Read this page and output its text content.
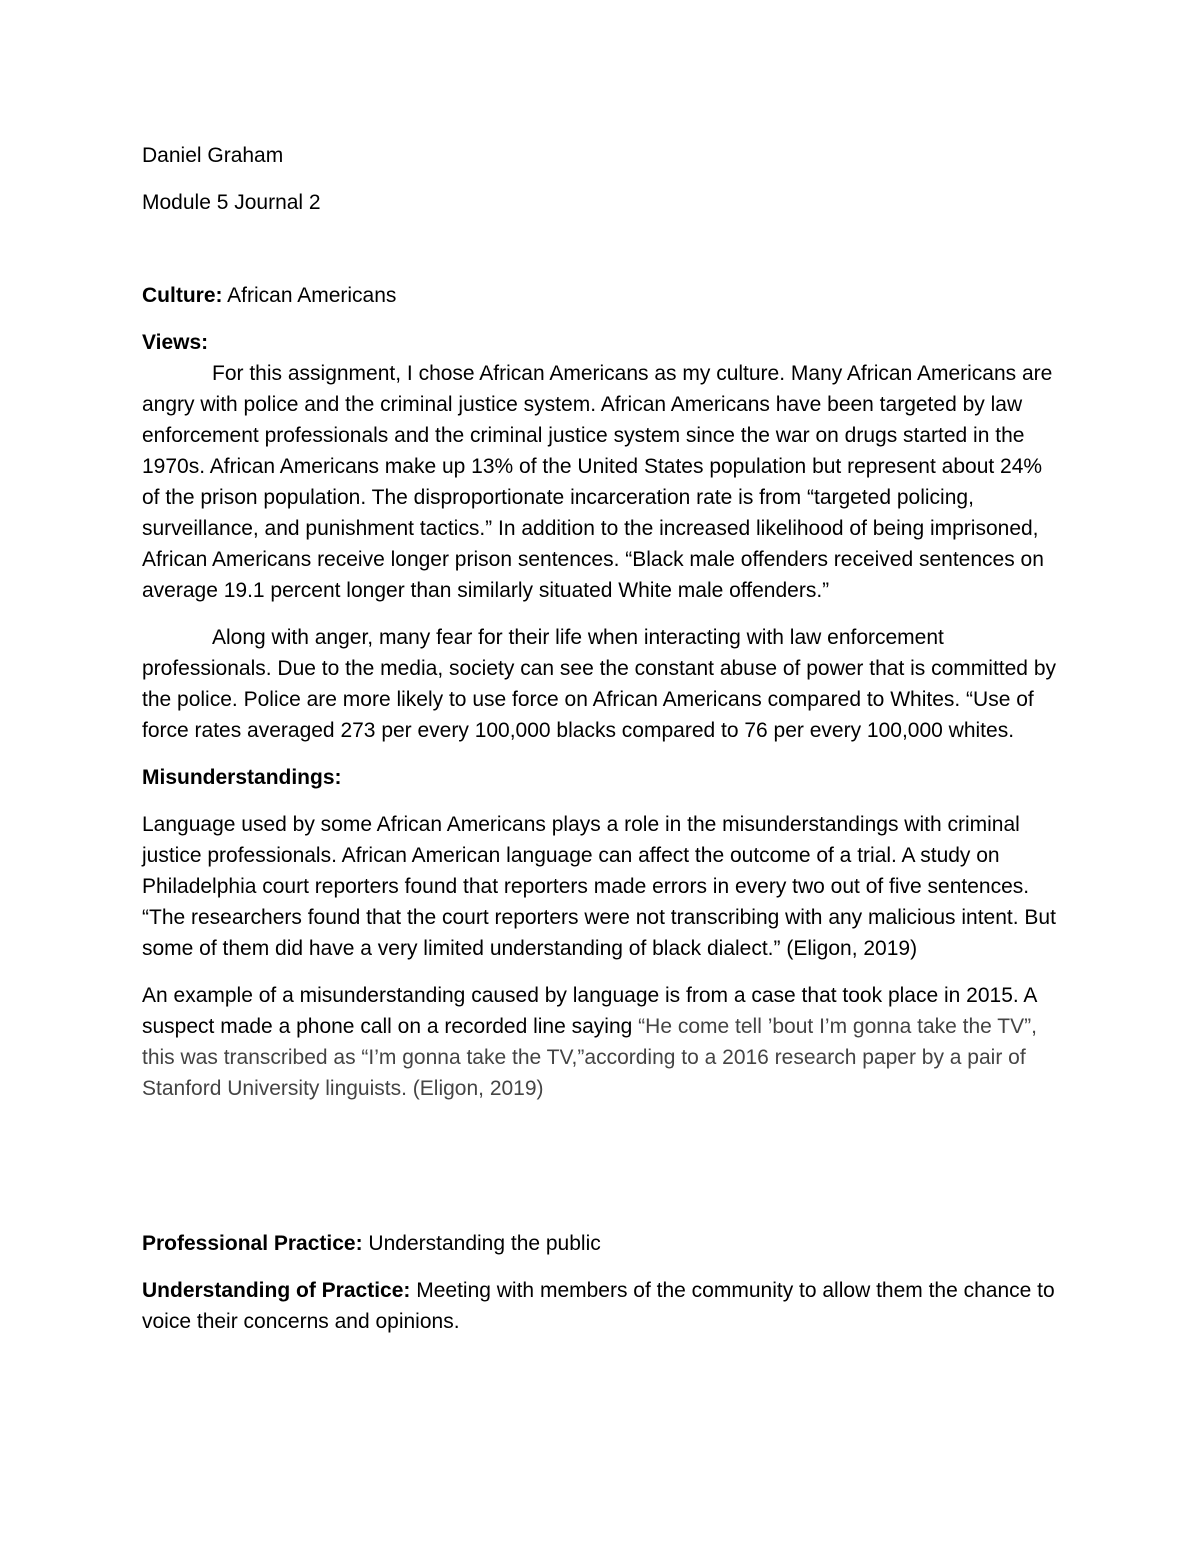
Daniel Graham

Module 5 Journal 2

Culture: African Americans

Views:

For this assignment, I chose African Americans as my culture. Many African Americans are angry with police and the criminal justice system. African Americans have been targeted by law enforcement professionals and the criminal justice system since the war on drugs started in the 1970s. African Americans make up 13% of the United States population but represent about 24% of the prison population. The disproportionate incarceration rate is from “targeted policing, surveillance, and punishment tactics.” In addition to the increased likelihood of being imprisoned, African Americans receive longer prison sentences. “Black male offenders received sentences on average 19.1 percent longer than similarly situated White male offenders.”

Along with anger, many fear for their life when interacting with law enforcement professionals. Due to the media, society can see the constant abuse of power that is committed by the police. Police are more likely to use force on African Americans compared to Whites. “Use of force rates averaged 273 per every 100,000 blacks compared to 76 per every 100,000 whites.

Misunderstandings:

Language used by some African Americans plays a role in the misunderstandings with criminal justice professionals. African American language can affect the outcome of a trial. A study on Philadelphia court reporters found that reporters made errors in every two out of five sentences. “The researchers found that the court reporters were not transcribing with any malicious intent. But some of them did have a very limited understanding of black dialect.” (Eligon, 2019)

An example of a misunderstanding caused by language is from a case that took place in 2015. A suspect made a phone call on a recorded line saying “He come tell ’bout I’m gonna take the TV”, this was transcribed as “I’m gonna take the TV,”according to a 2016 research paper by a pair of Stanford University linguists. (Eligon, 2019)

Professional Practice: Understanding the public

Understanding of Practice: Meeting with members of the community to allow them the chance to voice their concerns and opinions.
